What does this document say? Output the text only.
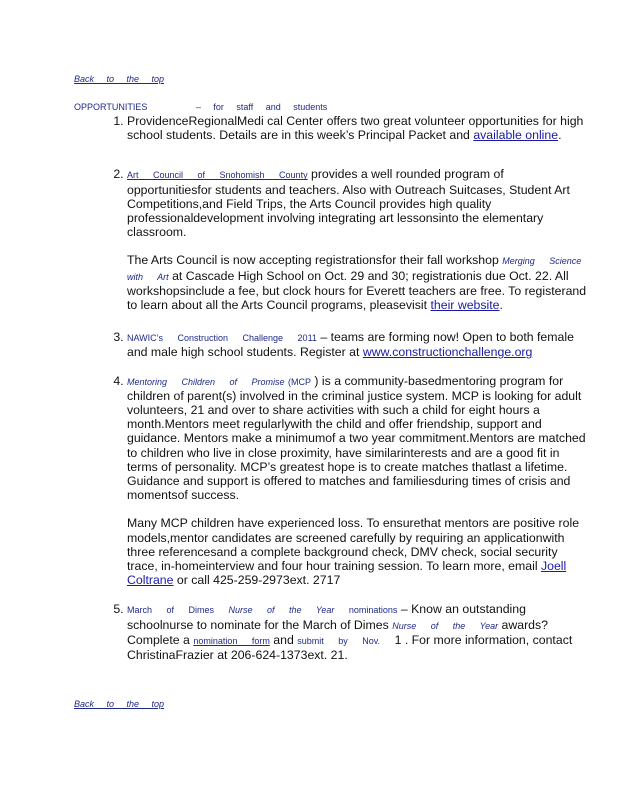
Back to the top
OPPORTUNITIES	– for staff and students

1. ProvidenceRegionalMedi cal Center offers two great volunteer opportunities for high school students. Details are in this week’s Principal Packet and available online.

2. Art Council of Snohomish County provides a well rounded program of opportunitiesfor students and teachers. Also with Outreach Suitcases, Student Art Competitions,and Field Trips, the Arts Council provides high quality professionaldevelopment involving integrating art lessonsinto the elementary classroom.

The Arts Council is now accepting registrationsfor their fall workshop Merging Science with Art at Cascade High School on Oct. 29 and 30; registrationis due Oct. 22. All workshopsinclude a fee, but clock hours for Everett teachers are free. To registerand to learn about all the Arts Council programs, pleasevisit their website.

3. NAWIC’s Construction Challenge 2011 – teams are forming now! Open to both female and male high school students. Register at www.constructionchallenge.org

4. Mentoring Children of Promise (MCP ) is a community-basedmentoring program for children of parent(s) involved in the criminal justice system. MCP is looking for adult volunteers, 21 and over to share activities with such a child for eight hours a month.Mentors meet regularlywith the child and offer friendship, support and guidance. Mentors make a minimumof a two year commitment.Mentors are matched to children who live in close proximity, have similarinterests and are a good fit in terms of personality. MCP’s greatest hope is to create matches thatlast a lifetime. Guidance and support is offered to matches and familiesduring times of crisis and momentsof success.

Many MCP children have experienced loss. To ensurethat mentors are positive role models,mentor candidates are screened carefully by requiring an applicationwith three referencesand a complete background check, DMV check, social security trace, in-homeinterview and four hour training session. To learn more, email Joell Coltrane or call 425-259-2973ext. 2717

5. March of Dimes Nurse of the Year nominations – Know an outstanding schoolnurse to nominate for the March of Dimes Nurse of the Year awards? Complete a nomination form and submit by Nov. 1 . For more information, contact ChristinaFrazier at 206-624-1373ext. 21.

Back to the top
